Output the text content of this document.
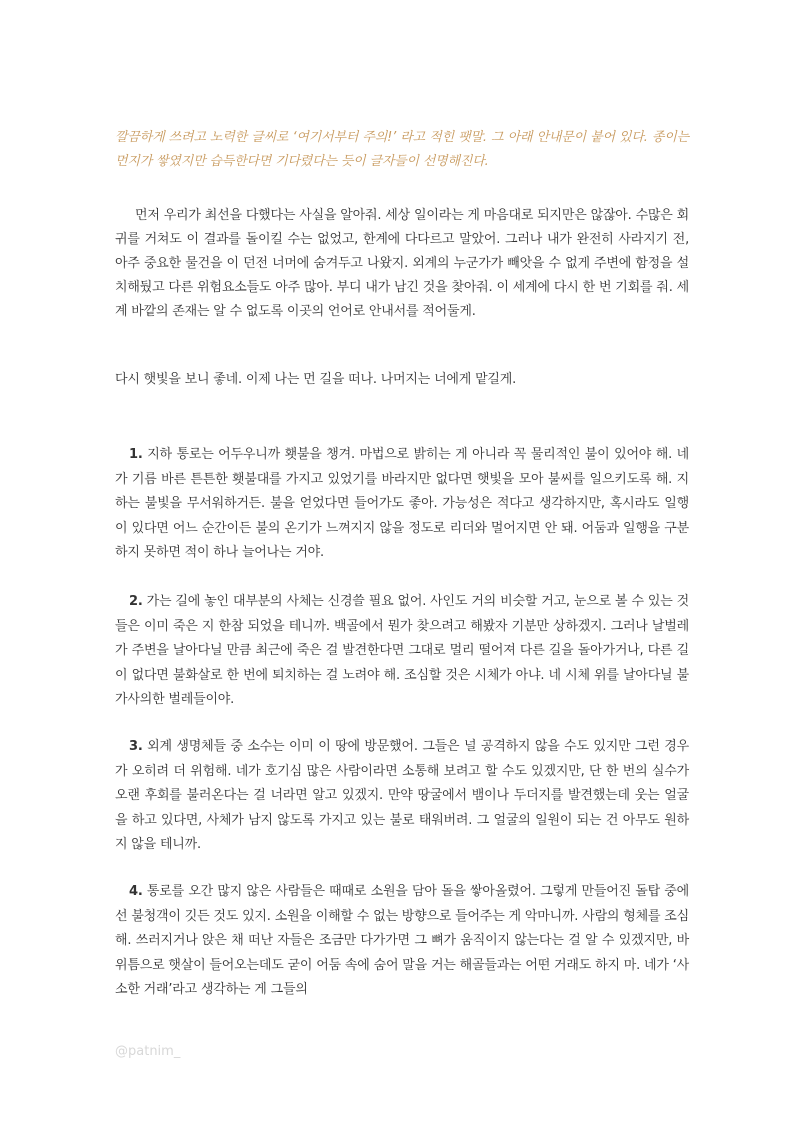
깔끔하게 쓰려고 노력한 글씨로 ‘여기서부터 주의!’ 라고 적힌 팻말. 그 아래 안내문이 붙어 있다. 종이는 먼지가 쌓였지만 습득한다면 기다렸다는 듯이 글자들이 선명해진다.

먼저 우리가 최선을 다했다는 사실을 알아줘. 세상 일이라는 게 마음대로 되지만은 않잖아. 수많은 회귀를 거쳐도 이 결과를 돌이킬 수는 없었고, 한계에 다다르고 말았어. 그러나 내가 완전히 사라지기 전, 아주 중요한 물건을 이 던전 너머에 숨겨두고 나왔지. 외계의 누군가가 빼앗을 수 없게 주변에 함정을 설치해뒀고 다른 위험요소들도 아주 많아. 부디 내가 남긴 것을 찾아줘. 이 세계에 다시 한 번 기회를 줘. 세계 바깥의 존재는 알 수 없도록 이곳의 언어로 안내서를 적어둘게.

다시 햇빛을 보니 좋네. 이제 나는 먼 길을 떠나. 나머지는 너에게 맡길게.

1. 지하 통로는 어두우니까 횃불을 챙겨. 마법으로 밝히는 게 아니라 꼭 물리적인 불이 있어야 해. 네가 기름 바른 튼튼한 횃불대를 가지고 있었기를 바라지만 없다면 햇빛을 모아 불씨를 일으키도록 해. 지하는 불빛을 무서워하거든. 불을 얻었다면 들어가도 좋아. 가능성은 적다고 생각하지만, 혹시라도 일행이 있다면 어느 순간이든 불의 온기가 느껴지지 않을 정도로 리더와 멀어지면 안 돼. 어둠과 일행을 구분하지 못하면 적이 하나 늘어나는 거야.

2. 가는 길에 놓인 대부분의 사체는 신경쓸 필요 없어. 사인도 거의 비슷할 거고, 눈으로 볼 수 있는 것들은 이미 죽은 지 한참 되었을 테니까. 백골에서 뭔가 찾으려고 해봤자 기분만 상하겠지. 그러나 날벌레가 주변을 날아다닐 만큼 최근에 죽은 걸 발견한다면 그대로 멀리 떨어져 다른 길을 돌아가거나, 다른 길이 없다면 불화살로 한 번에 퇴치하는 걸 노려야 해. 조심할 것은 시체가 아냐. 네 시체 위를 날아다닐 불가사의한 벌레들이야.

3. 외계 생명체들 중 소수는 이미 이 땅에 방문했어. 그들은 널 공격하지 않을 수도 있지만 그런 경우가 오히려 더 위험해. 네가 호기심 많은 사람이라면 소통해 보려고 할 수도 있겠지만, 단 한 번의 실수가 오랜 후회를 불러온다는 걸 너라면 알고 있겠지. 만약 땅굴에서 뱀이나 두더지를 발견했는데 웃는 얼굴을 하고 있다면, 사체가 남지 않도록 가지고 있는 불로 태워버려. 그 얼굴의 일원이 되는 건 아무도 원하지 않을 테니까.

4. 통로를 오간 많지 않은 사람들은 때때로 소원을 담아 돌을 쌓아올렸어. 그렇게 만들어진 돌탑 중에선 불청객이 깃든 것도 있지. 소원을 이해할 수 없는 방향으로 들어주는 게 악마니까. 사람의 형체를 조심해. 쓰러지거나 앉은 채 떠난 자들은 조금만 다가가면 그 뼈가 움직이지 않는다는 걸 알 수 있겠지만, 바위틈으로 햇살이 들어오는데도 굳이 어둠 속에 숨어 말을 거는 해골들과는 어떤 거래도 하지 마. 네가 ‘사소한 거래’라고 생각하는 게 그들의

@patnim_
